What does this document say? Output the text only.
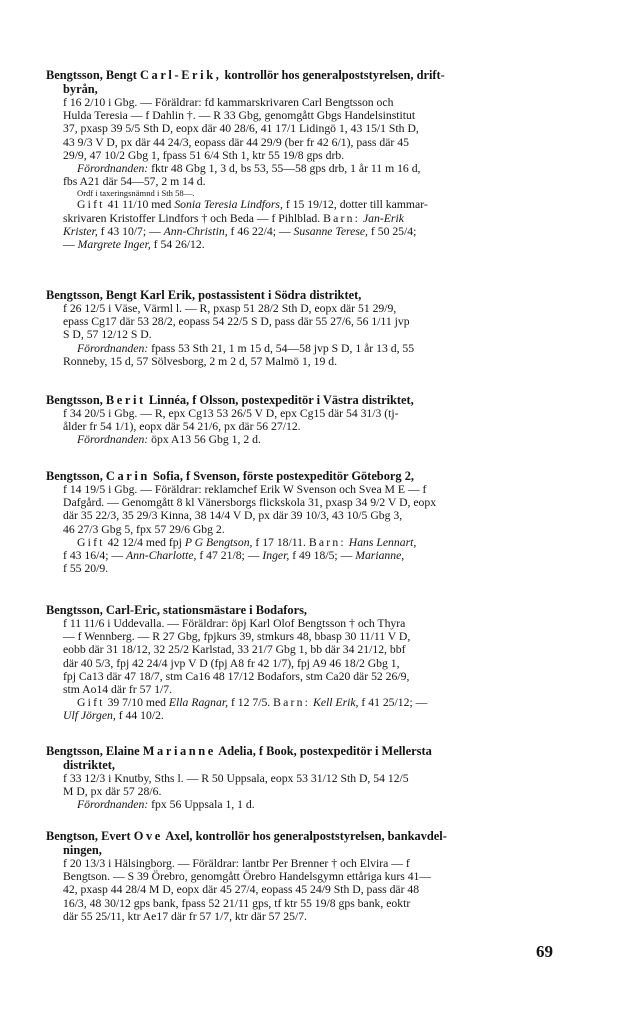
Bengtsson, Bengt Carl-Erik, kontrollör hos generalpoststyrelsen, drift-

byrån,

f 16 2/10 i Gbg. — Föräldrar: fd kammarskrivaren Carl Bengtsson och

Hulda Teresia — f Dahlin †. — R 33 Gbg, genomgått Gbgs Handelsinstitut

37, pxasp 39 5/5 Sth D, eopx där 40 28/6, 41 17/1 Lidingö 1, 43 15/1 Sth D,

43 9/3 V D, px där 44 24/3, eopass där 44 29/9 (ber fr 42 6/1), pass där 45

29/9, 47 10/2 Gbg 1, fpass 51 6/4 Sth 1, ktr 55 19/8 gps drb.

Förordnanden: fktr 48 Gbg 1, 3 d, bs 53, 55—58 gps drb, 1 år 11 m 16 d,

fbs A21 där 54—57, 2 m 14 d.

Ordf i taxeringsnämnd i Sth 58—.

Gift 41 11/10 med Sonia Teresia Lindfors, f 15 19/12, dotter till kammar-

skrivaren Kristoffer Lindfors † och Beda — f Pihlblad. Barn: Jan-Erik

Krister, f 43 10/7; — Ann-Christin, f 46 22/4; — Susanne Terese, f 50 25/4;

— Margrete Inger, f 54 26/12.

Bengtsson, Bengt Karl Erik, postassistent i Södra distriktet,

f 26 12/5 i Väse, Värml l. — R, pxasp 51 28/2 Sth D, eopx där 51 29/9,

epass Cg17 där 53 28/2, eopass 54 22/5 S D, pass där 55 27/6, 56 1/11 jvp

S D, 57 12/12 S D.

Förordnanden: fpass 53 Sth 21, 1 m 15 d, 54—58 jvp S D, 1 år 13 d, 55

Ronneby, 15 d, 57 Sölvesborg, 2 m 2 d, 57 Malmö 1, 19 d.

Bengtsson, Berit Linnéa, f Olsson, postexpeditör i Västra distriktet,

f 34 20/5 i Gbg. — R, epx Cg13 53 26/5 V D, epx Cg15 där 54 31/3 (tj-

ålder fr 54 1/1), eopx där 54 21/6, px där 56 27/12.

Förordnanden: öpx A13 56 Gbg 1, 2 d.

Bengtsson, Carin Sofia, f Svenson, förste postexpeditör Göteborg 2,

f 14 19/5 i Gbg. — Föräldrar: reklamchef Erik W Svenson och Svea M E — f

Dafgård. — Genomgått 8 kl Vänersborgs flickskola 31, pxasp 34 9/2 V D, eopx

där 35 22/3, 35 29/3 Kinna, 38 14/4 V D, px där 39 10/3, 43 10/5 Gbg 3,

46 27/3 Gbg 5, fpx 57 29/6 Gbg 2.

Gift 42 12/4 med fpj P G Bengtson, f 17 18/11. Barn: Hans Lennart,

f 43 16/4; — Ann-Charlotte, f 47 21/8; — Inger, f 49 18/5; — Marianne,

f 55 20/9.

Bengtsson, Carl-Eric, stationsmästare i Bodafors,

f 11 11/6 i Uddevalla. — Föräldrar: öpj Karl Olof Bengtsson † och Thyra

— f Wennberg. — R 27 Gbg, fpjkurs 39, stmkurs 48, bbasp 30 11/11 V D,

eobb där 31 18/12, 32 25/2 Karlstad, 33 21/7 Gbg 1, bb där 34 21/12, bbf

där 40 5/3, fpj 42 24/4 jvp V D (fpj A8 fr 42 1/7), fpj A9 46 18/2 Gbg 1,

fpj Ca13 där 47 18/7, stm Ca16 48 17/12 Bodafors, stm Ca20 där 52 26/9,

stm Ao14 där fr 57 1/7.

Gift 39 7/10 med Ella Ragnar, f 12 7/5. Barn: Kell Erik, f 41 25/12; —

Ulf Jörgen, f 44 10/2.

Bengtsson, Elaine Marianne Adelia, f Book, postexpeditör i Mellersta

distriktet,

f 33 12/3 i Knutby, Sths l. — R 50 Uppsala, eopx 53 31/12 Sth D, 54 12/5

M D, px där 57 28/6.

Förordnanden: fpx 56 Uppsala 1, 1 d.

Bengtson, Evert Ove Axel, kontrollör hos generalpoststyrelsen, bankavdel-

ningen,

f 20 13/3 i Hälsingborg. — Föräldrar: lantbr Per Brenner † och Elvira — f

Bengtson. — S 39 Örebro, genomgått Örebro Handelsgymn ettåriga kurs 41—

42, pxasp 44 28/4 M D, eopx där 45 27/4, eopass 45 24/9 Sth D, pass där 48

16/3, 48 30/12 gps bank, fpass 52 21/11 gps, tf ktr 55 19/8 gps bank, eoktr

där 55 25/11, ktr Ae17 där fr 57 1/7, ktr där 57 25/7.

69
